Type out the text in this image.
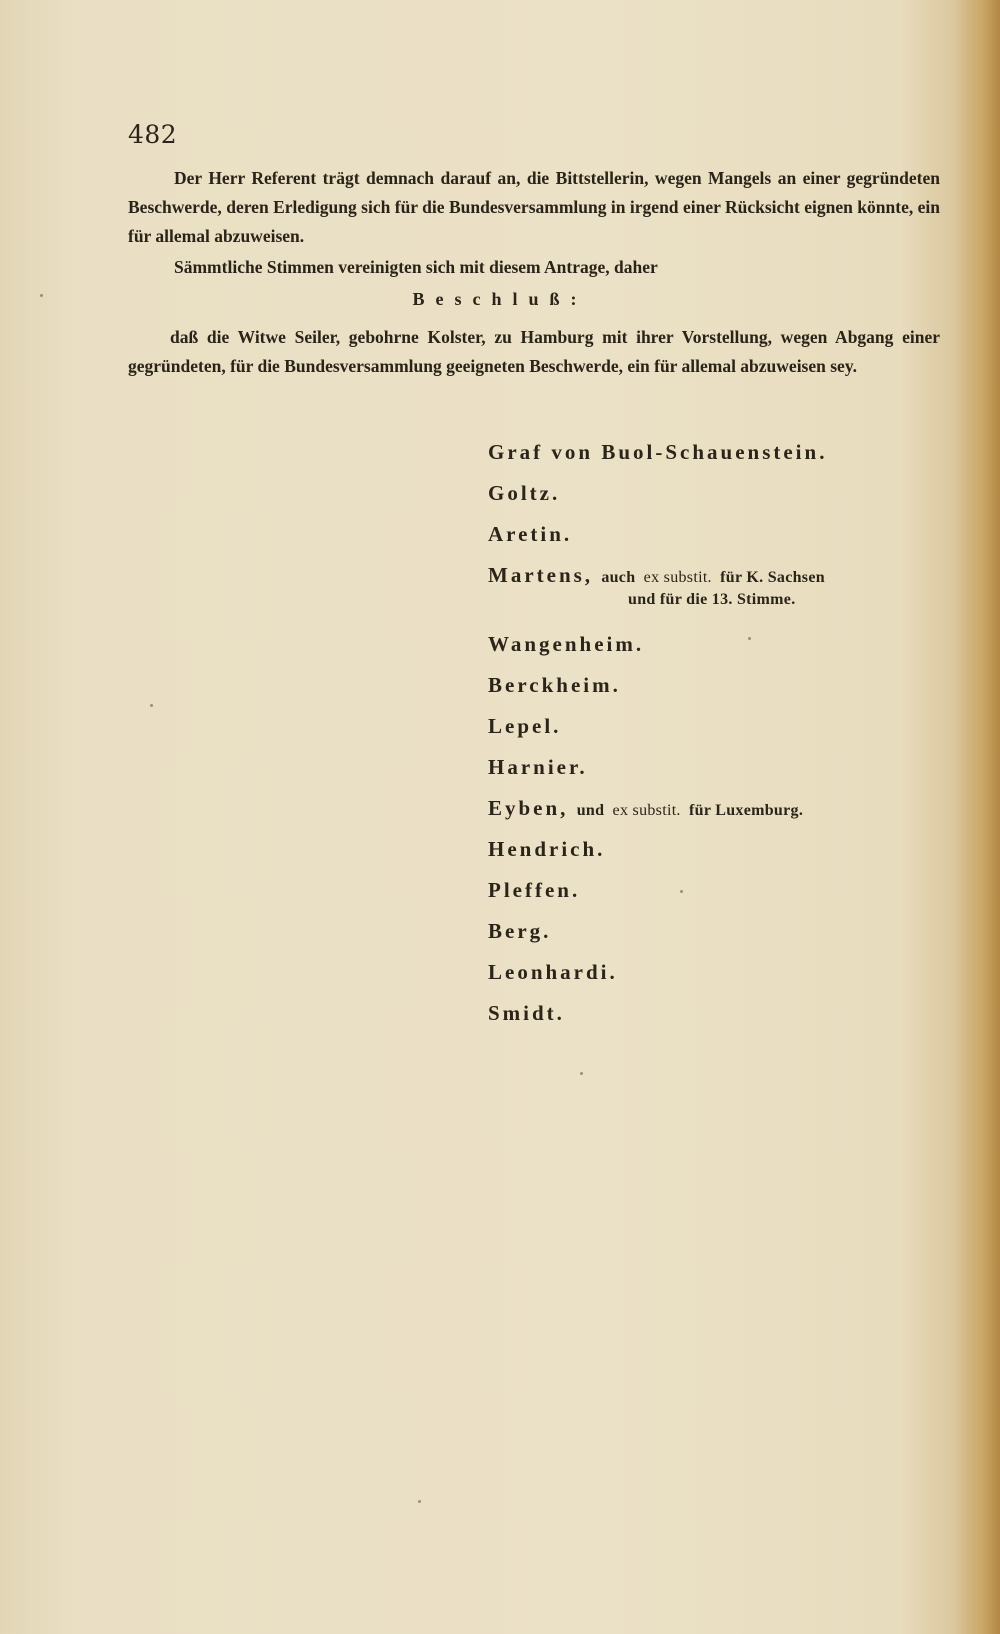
482
Der Herr Referent trägt demnach darauf an, die Bittstellerin, wegen Mangels an einer gegründeten Beschwerde, deren Erledigung sich für die Bundesversammlung in irgend einer Rücksicht eignen könnte, ein für allemal abzuweisen.
Sämmtliche Stimmen vereinigten sich mit diesem Antrage, daher
Beschluß:
daß die Witwe Seiler, gebohrne Kolster, zu Hamburg mit ihrer Vorstellung, wegen Abgang einer gegründeten, für die Bundesversammlung geeigneten Beschwerde, ein für allemal abzuweisen sey.
Graf von Buol-Schauenstein.
Goltz.
Aretin.
Martens, auch ex substit. für K. Sachsen
und für die 13. Stimme.
Wangenheim.
Berckheim.
Lepel.
Harnier.
Eyben, und ex substit. für Luxemburg.
Hendrich.
Pleffen.
Berg.
Leonhardi.
Smidt.
